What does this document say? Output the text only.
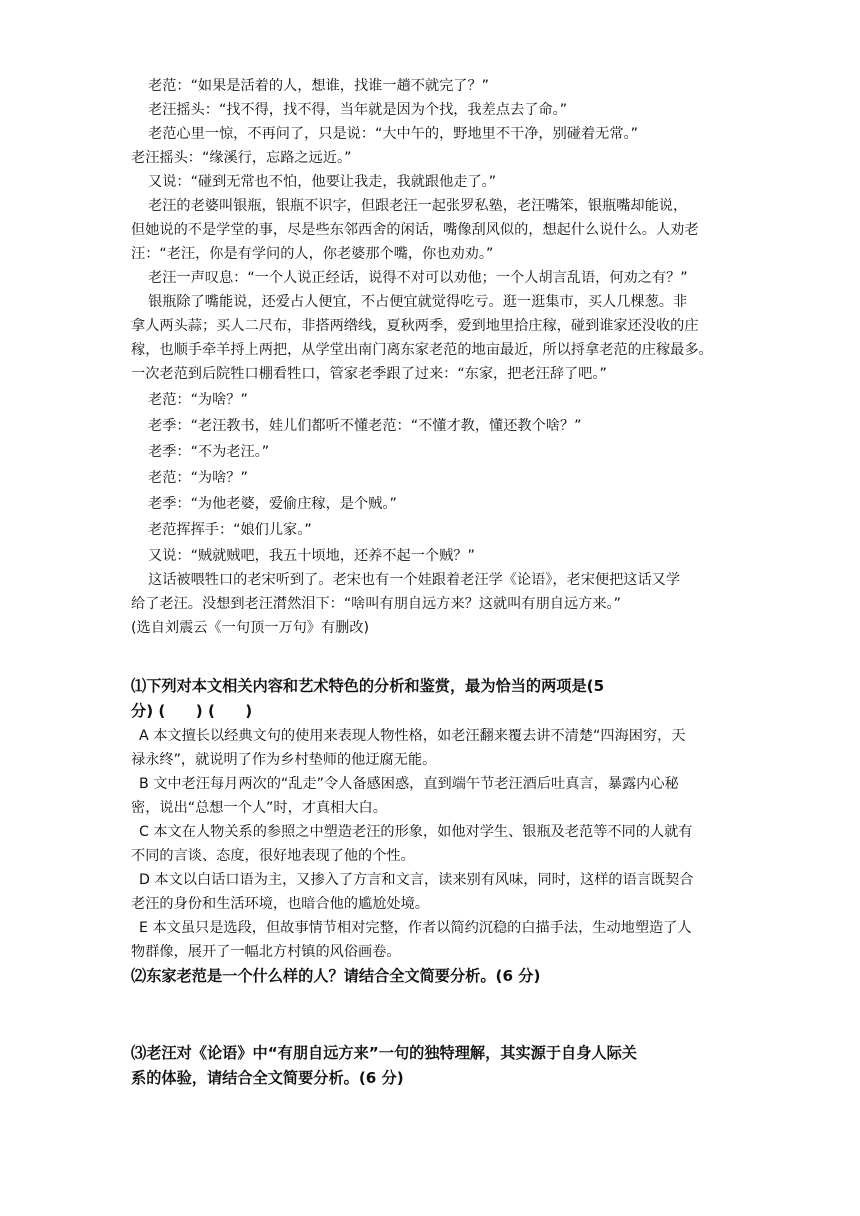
老范：“如果是活着的人，想谁，找谁一趟不就完了？”

老汪摇头：“找不得，找不得，当年就是因为个找，我差点去了命。”

老范心里一惊，不再问了，只是说：“大中午的，野地里不干净，别碰着无常。”

老汪摇头：“缘溪行，忘路之远近。”

又说：“碰到无常也不怕，他要让我走，我就跟他走了。”

老汪的老婆叫银瓶，银瓶不识字，但跟老汪一起张罗私塾，老汪嘴笨，银瓶嘴却能说，

但她说的不是学堂的事，尽是些东邻西舍的闲话，嘴像刮风似的，想起什么说什么。人劝老

汪：“老汪，你是有学问的人，你老婆那个嘴，你也劝劝。”

老汪一声叹息：“一个人说正经话，说得不对可以劝他；一个人胡言乱语，何劝之有？”

银瓶除了嘴能说，还爱占人便宜，不占便宜就觉得吃亏。逛一逛集市，买人几棵葱。非

拿人两头蒜；买人二尺布，非搭两绺线，夏秋两季，爱到地里拾庄稼，碰到谁家还没收的庄

稼，也顺手牵羊捋上两把，从学堂出南门离东家老范的地亩最近，所以捋拿老范的庄稼最多。

一次老范到后院牲口棚看牲口，管家老季跟了过来：“东家，把老汪辞了吧。”

老范：“为啥？”

老季：“老汪教书，娃儿们都听不懂老范：“不懂才教，懂还教个啥？”

老季：“不为老汪。”

老范：“为啥？”

老季：“为他老婆，爱偷庄稼，是个贼。”

老范挥挥手：“娘们儿家。”

又说：“贼就贼吧，我五十顷地，还养不起一个贼？”

这话被喂牲口的老宋听到了。老宋也有一个娃跟着老汪学《论语》，老宋便把这话又学

给了老汪。没想到老汪潸然泪下：“啥叫有朋自远方来？这就叫有朋自远方来。”

(选自刘震云《一句顶一万句》有删改)

⑴下列对本文相关内容和艺术特色的分析和鉴赏，最为恰当的两项是(5

分) (　　) (　　)

A 本文擅长以经典文句的使用来表现人物性格，如老汪翻来覆去讲不清楚“四海困穷，天

禄永终”，就说明了作为乡村垫师的他迂腐无能。

B 文中老汪每月两次的“乱走”令人备感困惑，直到端午节老汪酒后吐真言，暴露内心秘

密，说出“总想一个人”时，才真相大白。

C 本文在人物关系的参照之中塑造老汪的形象，如他对学生、银瓶及老范等不同的人就有

不同的言谈、态度，很好地表现了他的个性。

D 本文以白话口语为主，又掺入了方言和文言，读来别有风味，同时，这样的语言既契合

老汪的身份和生活环境，也暗合他的尴尬处境。

E 本文虽只是选段，但故事情节相对完整，作者以简约沉稳的白描手法，生动地塑造了人

物群像，展开了一幅北方村镇的风俗画卷。

⑵东家老范是一个什么样的人？请结合全文简要分析。(6 分)

⑶老汪对《论语》中“有朋自远方来”一句的独特理解，其实源于自身人际关

系的体验，请结合全文简要分析。(6 分)
